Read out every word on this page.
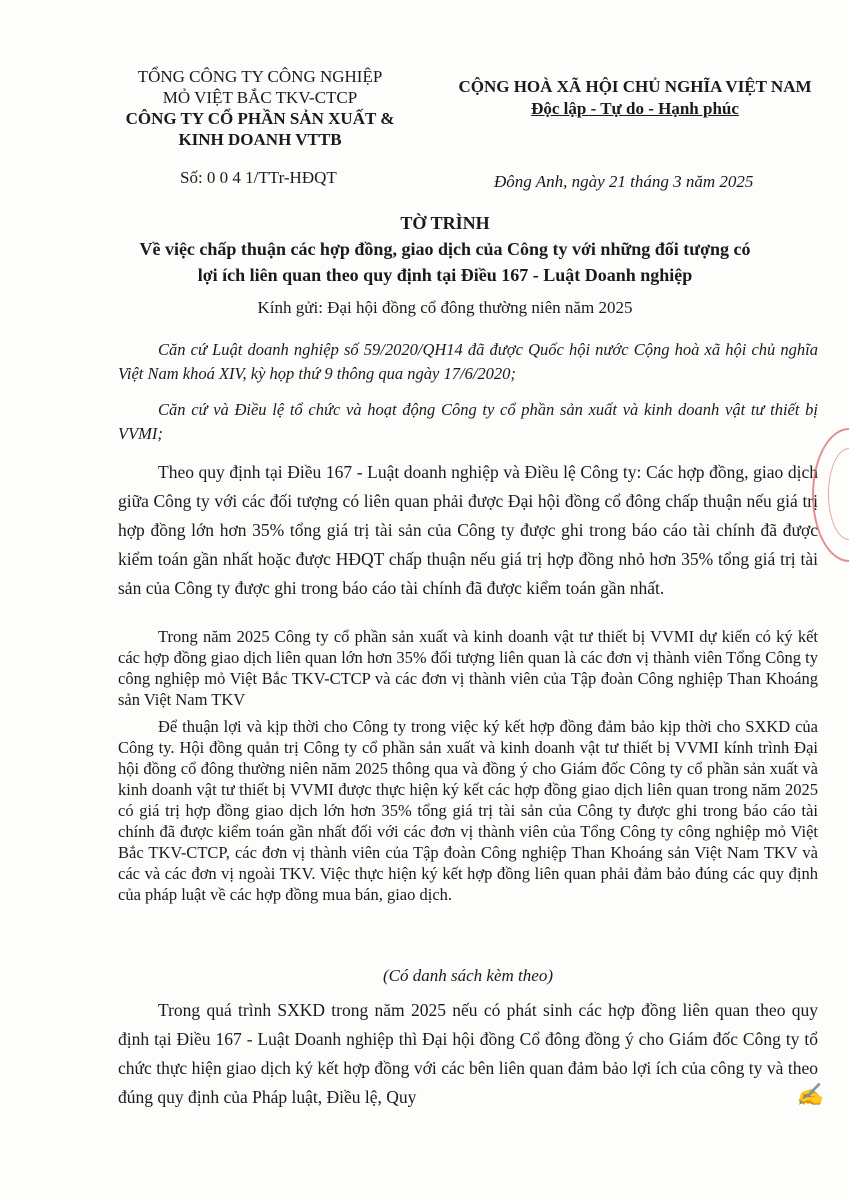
TỔNG CÔNG TY CÔNG NGHIỆP
MỎ VIỆT BẮC TKV-CTCP
CÔNG TY CỔ PHẦN SẢN XUẤT &
KINH DOANH VTTB
CỘNG HOÀ XÃ HỘI CHỦ NGHĨA VIỆT NAM
Độc lập - Tự do - Hạnh phúc
Số: 0 0 4 1/TTr-HĐQT	Đông Anh, ngày 21 tháng 3 năm 2025
TỜ TRÌNH
Về việc chấp thuận các hợp đồng, giao dịch của Công ty với những đối tượng có
lợi ích liên quan theo quy định tại Điều 167 - Luật Doanh nghiệp
Kính gửi: Đại hội đồng cổ đông thường niên năm 2025
Căn cứ Luật doanh nghiệp số 59/2020/QH14 đã được Quốc hội nước Cộng hoà xã hội chủ nghĩa Việt Nam khoá XIV, kỳ họp thứ 9 thông qua ngày 17/6/2020;
Căn cứ và Điều lệ tổ chức và hoạt động Công ty cổ phần sản xuất và kinh doanh vật tư thiết bị VVMI;
Theo quy định tại Điều 167 - Luật doanh nghiệp và Điều lệ Công ty: Các hợp đồng, giao dịch giữa Công ty với các đối tượng có liên quan phải được Đại hội đồng cổ đông chấp thuận nếu giá trị hợp đồng lớn hơn 35% tổng giá trị tài sản của Công ty được ghi trong báo cáo tài chính đã được kiểm toán gần nhất hoặc được HĐQT chấp thuận nếu giá trị hợp đồng nhỏ hơn 35% tổng giá trị tài sản của Công ty được ghi trong báo cáo tài chính đã được kiểm toán gần nhất.
Trong năm 2025 Công ty cổ phần sản xuất và kinh doanh vật tư thiết bị VVMI dự kiến có ký kết các hợp đồng giao dịch liên quan lớn hơn 35% đối tượng liên quan là các đơn vị thành viên Tổng Công ty công nghiệp mỏ Việt Bắc TKV-CTCP và các đơn vị thành viên của Tập đoàn Công nghiệp Than Khoáng sản Việt Nam TKV
Để thuận lợi và kịp thời cho Công ty trong việc ký kết hợp đồng đảm bảo kịp thời cho SXKD của Công ty. Hội đồng quản trị Công ty cổ phần sản xuất và kinh doanh vật tư thiết bị VVMI kính trình Đại hội đồng cổ đông thường niên năm 2025 thông qua và đồng ý cho Giám đốc Công ty cổ phần sản xuất và kinh doanh vật tư thiết bị VVMI được thực hiện ký kết các hợp đồng giao dịch liên quan trong năm 2025 có giá trị hợp đồng giao dịch lớn hơn 35% tổng giá trị tài sản của Công ty được ghi trong báo cáo tài chính đã được kiểm toán gần nhất đối với các đơn vị thành viên của Tổng Công ty công nghiệp mỏ Việt Bắc TKV-CTCP, các đơn vị thành viên của Tập đoàn Công nghiệp Than Khoáng sản Việt Nam TKV và các và các đơn vị ngoài TKV. Việc thực hiện ký kết hợp đồng liên quan phải đảm bảo đúng các quy định của pháp luật về các hợp đồng mua bán, giao dịch.
(Có danh sách kèm theo)
Trong quá trình SXKD trong năm 2025 nếu có phát sinh các hợp đồng liên quan theo quy định tại Điều 167 - Luật Doanh nghiệp thì Đại hội đồng Cổ đông đồng ý cho Giám đốc Công ty tổ chức thực hiện giao dịch ký kết hợp đồng với các bên liên quan đảm bảo lợi ích của công ty và theo đúng quy định của Pháp luật, Điều lệ, Quy	✍
